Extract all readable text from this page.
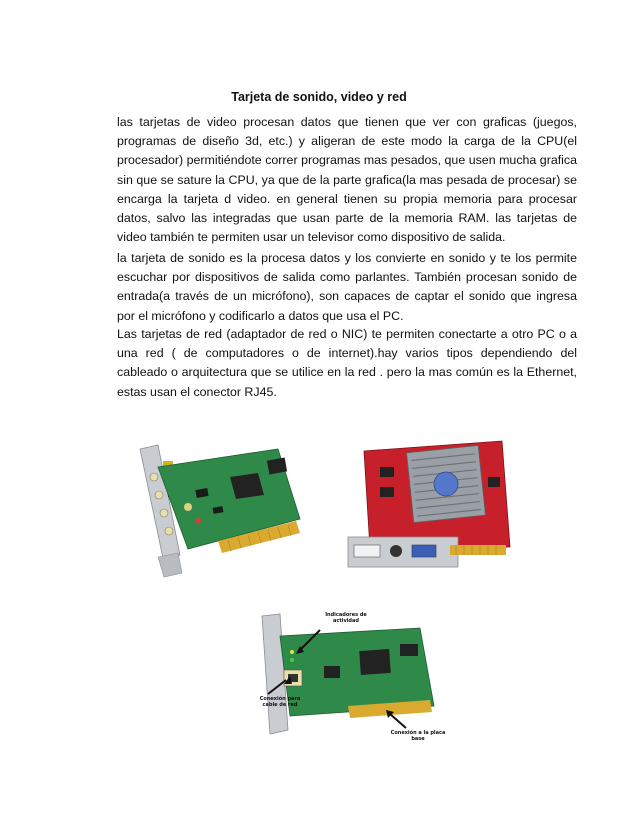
Tarjeta de sonido, video y red

las tarjetas de video procesan datos que tienen que ver con graficas (juegos, programas de diseño 3d, etc.) y aligeran de este modo la carga de la CPU(el procesador) permitiéndote correr programas mas pesados, que usen mucha grafica sin que se sature la CPU, ya que de la parte grafica(la mas pesada de procesar) se encarga la tarjeta d video. en general tienen su propia memoria para procesar datos, salvo las integradas que usan parte de la memoria RAM. las tarjetas de video también te permiten usar un televisor como dispositivo de salida.

la tarjeta de sonido es la procesa datos y los convierte en sonido y te los permite escuchar por dispositivos de salida como parlantes. También procesan sonido de entrada(a través de un micrófono), son capaces de captar el sonido que ingresa por el micrófono y codificarlo a datos que usa el PC.

Las tarjetas de red (adaptador de red o NIC) te permiten conectarte a otro PC o a una red ( de computadores o de internet).hay varios tipos dependiendo del cableado o arquitectura que se utilice en la red . pero la mas común es la Ethernet, estas usan el conector RJ45.

Indicadores de actividad
Conexión para cable de red
Conexión a la placa base
